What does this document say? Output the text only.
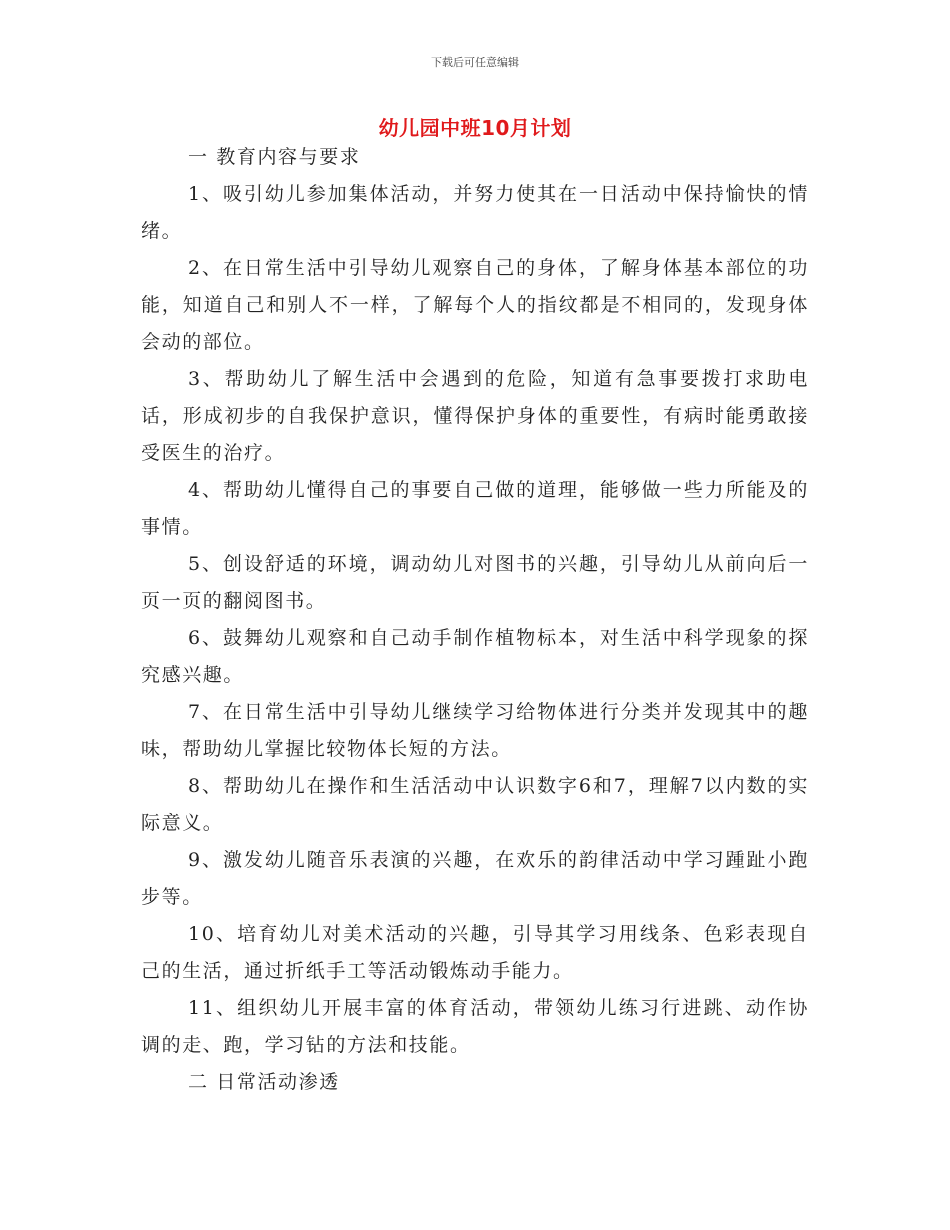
下载后可任意编辑
幼儿园中班10月计划

一 教育内容与要求

1、吸引幼儿参加集体活动，并努力使其在一日活动中保持愉快的情绪。

2、在日常生活中引导幼儿观察自己的身体，了解身体基本部位的功能，知道自己和别人不一样，了解每个人的指纹都是不相同的，发现身体会动的部位。

3、帮助幼儿了解生活中会遇到的危险，知道有急事要拨打求助电话，形成初步的自我保护意识，懂得保护身体的重要性，有病时能勇敢接受医生的治疗。

4、帮助幼儿懂得自己的事要自己做的道理，能够做一些力所能及的事情。

5、创设舒适的环境，调动幼儿对图书的兴趣，引导幼儿从前向后一页一页的翻阅图书。

6、鼓舞幼儿观察和自己动手制作植物标本，对生活中科学现象的探究感兴趣。

7、在日常生活中引导幼儿继续学习给物体进行分类并发现其中的趣味，帮助幼儿掌握比较物体长短的方法。

8、帮助幼儿在操作和生活活动中认识数字6和7，理解7以内数的实际意义。

9、激发幼儿随音乐表演的兴趣，在欢乐的韵律活动中学习踵趾小跑步等。

10、培育幼儿对美术活动的兴趣，引导其学习用线条、色彩表现自己的生活，通过折纸手工等活动锻炼动手能力。

11、组织幼儿开展丰富的体育活动，带领幼儿练习行进跳、动作协调的走、跑，学习钻的方法和技能。

二 日常活动渗透
